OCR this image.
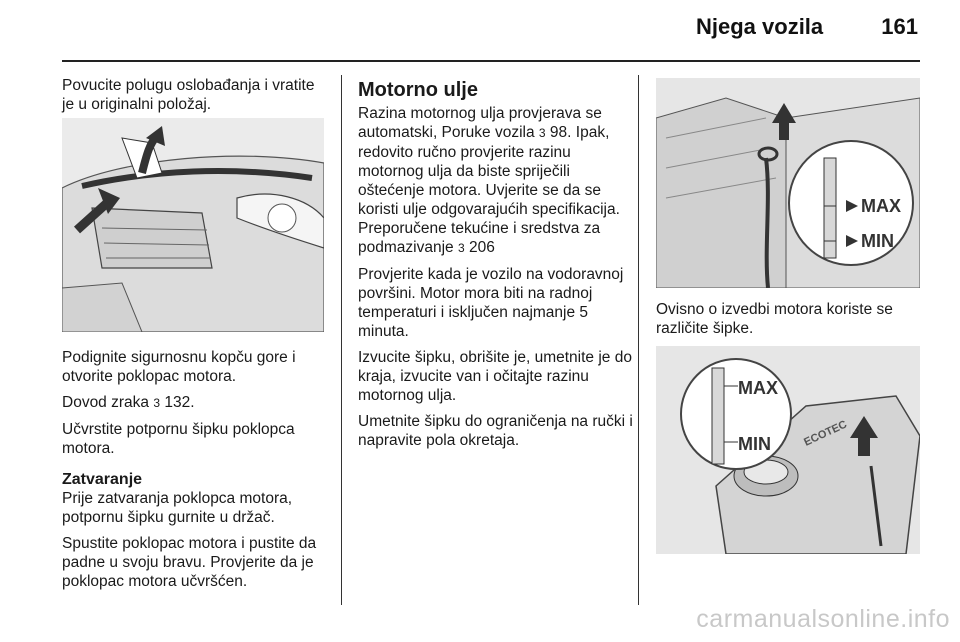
Njega vozila	161

Povucite polugu oslobađanja i vratite je u originalni položaj.

Podignite sigurnosnu kopču gore i otvorite poklopac motora.

Dovod zraka 3 132.

Učvrstite potpornu šipku poklopca motora.

Zatvaranje

Prije zatvaranja poklopca motora, potpornu šipku gurnite u držač.

Spustite poklopac motora i pustite da padne u svoju bravu. Provjerite da je poklopac motora učvršćen.

Motorno ulje

Razina motornog ulja provjerava se automatski, Poruke vozila 3 98. Ipak, redovito ručno provjerite razinu motornog ulja da biste spriječili oštećenje motora. Uvjerite se da se koristi ulje odgovarajućih specifikacija. Preporučene tekućine i sredstva za podmazivanje 3 206

Provjerite kada je vozilo na vodoravnoj površini. Motor mora biti na radnoj temperaturi i isključen najmanje 5 minuta.

Izvucite šipku, obrišite je, umetnite je do kraja, izvucite van i očitajte razinu motornog ulja.

Umetnite šipku do ograničenja na ručki i napravite pola okretaja.

MAX
MIN

Ovisno o izvedbi motora koriste se različite šipke.

ECOTEC
MAX
MIN
carmanualsonline.info
